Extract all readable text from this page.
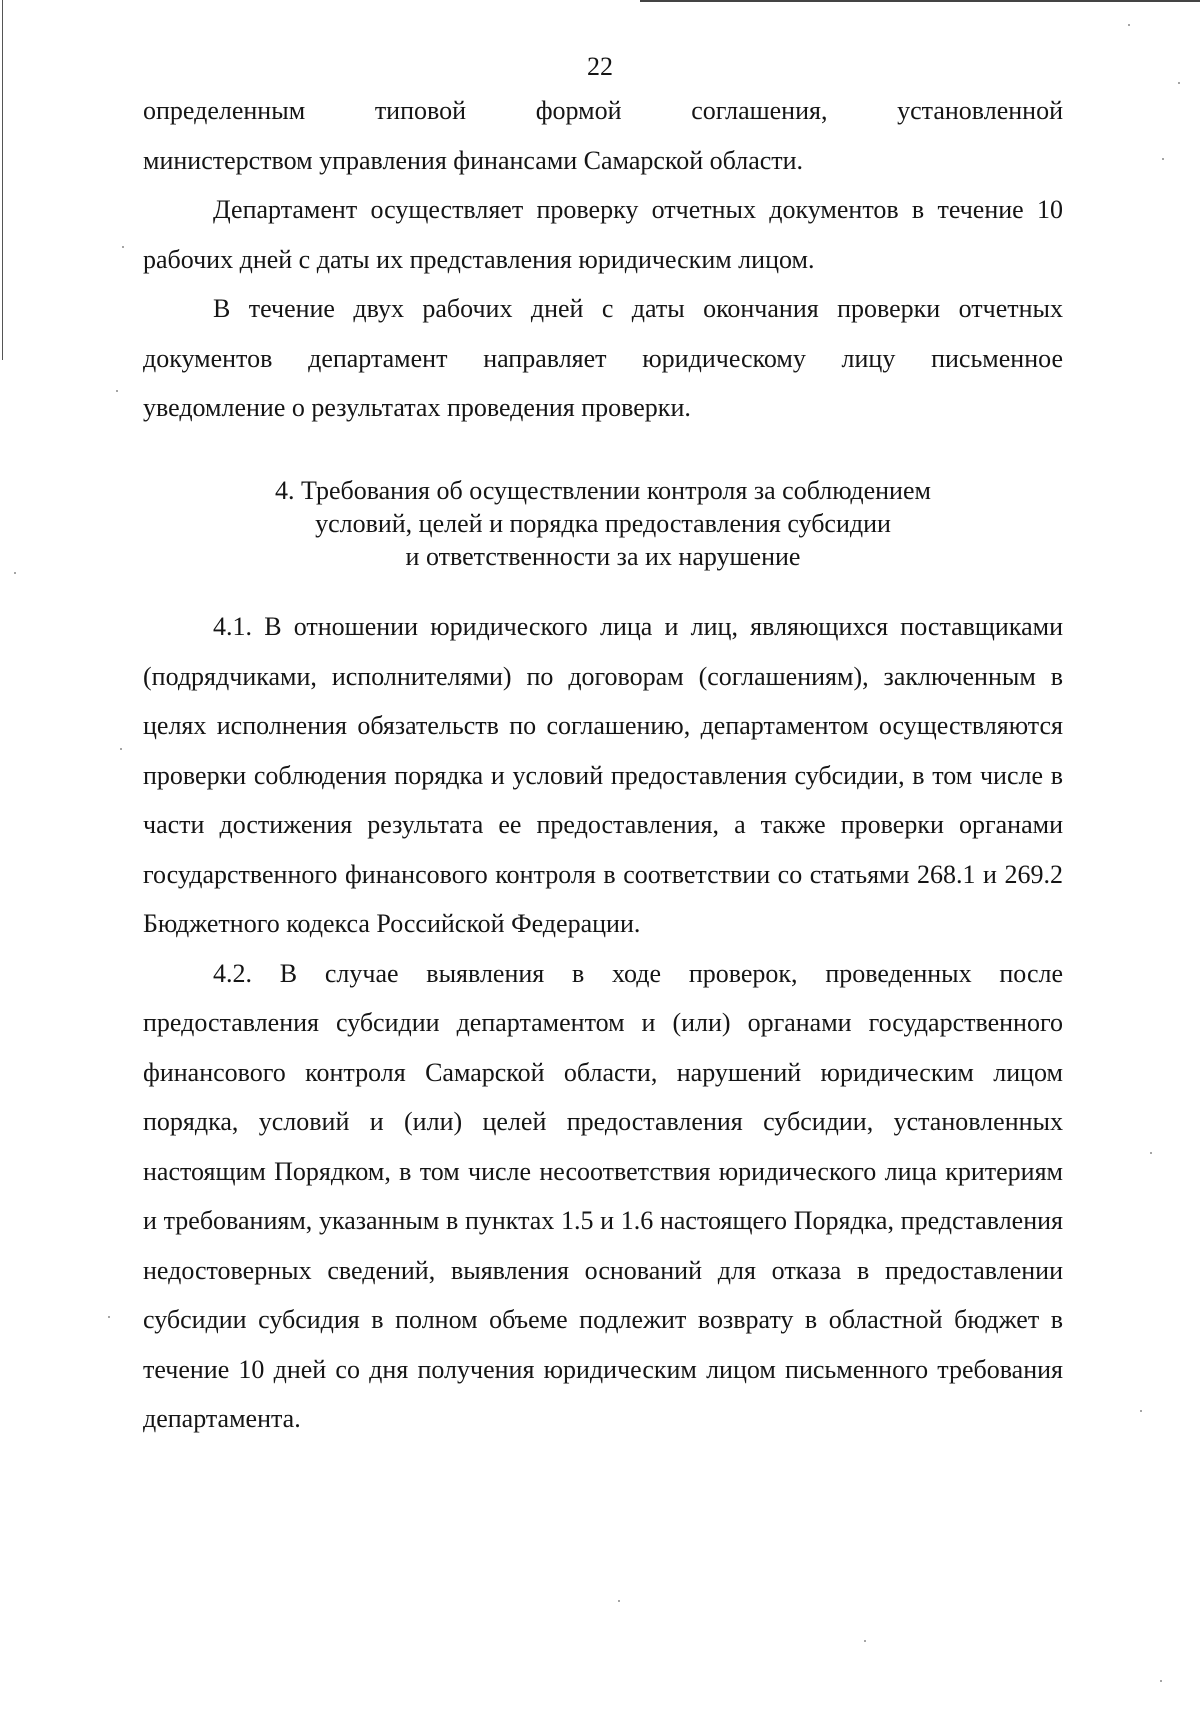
22

определенным типовой формой соглашения, установленной

министерством управления финансами Самарской области.

Департамент осуществляет проверку отчетных документов в течение 10 рабочих дней с даты их представления юридическим лицом.

В течение двух рабочих дней с даты окончания проверки отчетных документов департамент направляет юридическому лицу письменное уведомление о результатах проведения проверки.

4. Требования об осуществлении контроля за соблюдением
условий, целей и порядка предоставления субсидии
и ответственности за их нарушение

4.1. В отношении юридического лица и лиц, являющихся поставщиками (подрядчиками, исполнителями) по договорам (соглашениям), заключенным в целях исполнения обязательств по соглашению, департаментом осуществляются проверки соблюдения порядка и условий предоставления субсидии, в том числе в части достижения результата ее предоставления, а также проверки органами государственного финансового контроля в соответствии со статьями 268.1 и 269.2 Бюджетного кодекса Российской Федерации.

4.2. В случае выявления в ходе проверок, проведенных после предоставления субсидии департаментом и (или) органами государственного финансового контроля Самарской области, нарушений юридическим лицом порядка, условий и (или) целей предоставления субсидии, установленных настоящим Порядком, в том числе несоответствия юридического лица критериям и требованиям, указанным в пунктах 1.5 и 1.6 настоящего Порядка, представления недостоверных сведений, выявления оснований для отказа в предоставлении субсидии субсидия в полном объеме подлежит возврату в областной бюджет в течение 10 дней со дня получения юридическим лицом письменного требования департамента.
